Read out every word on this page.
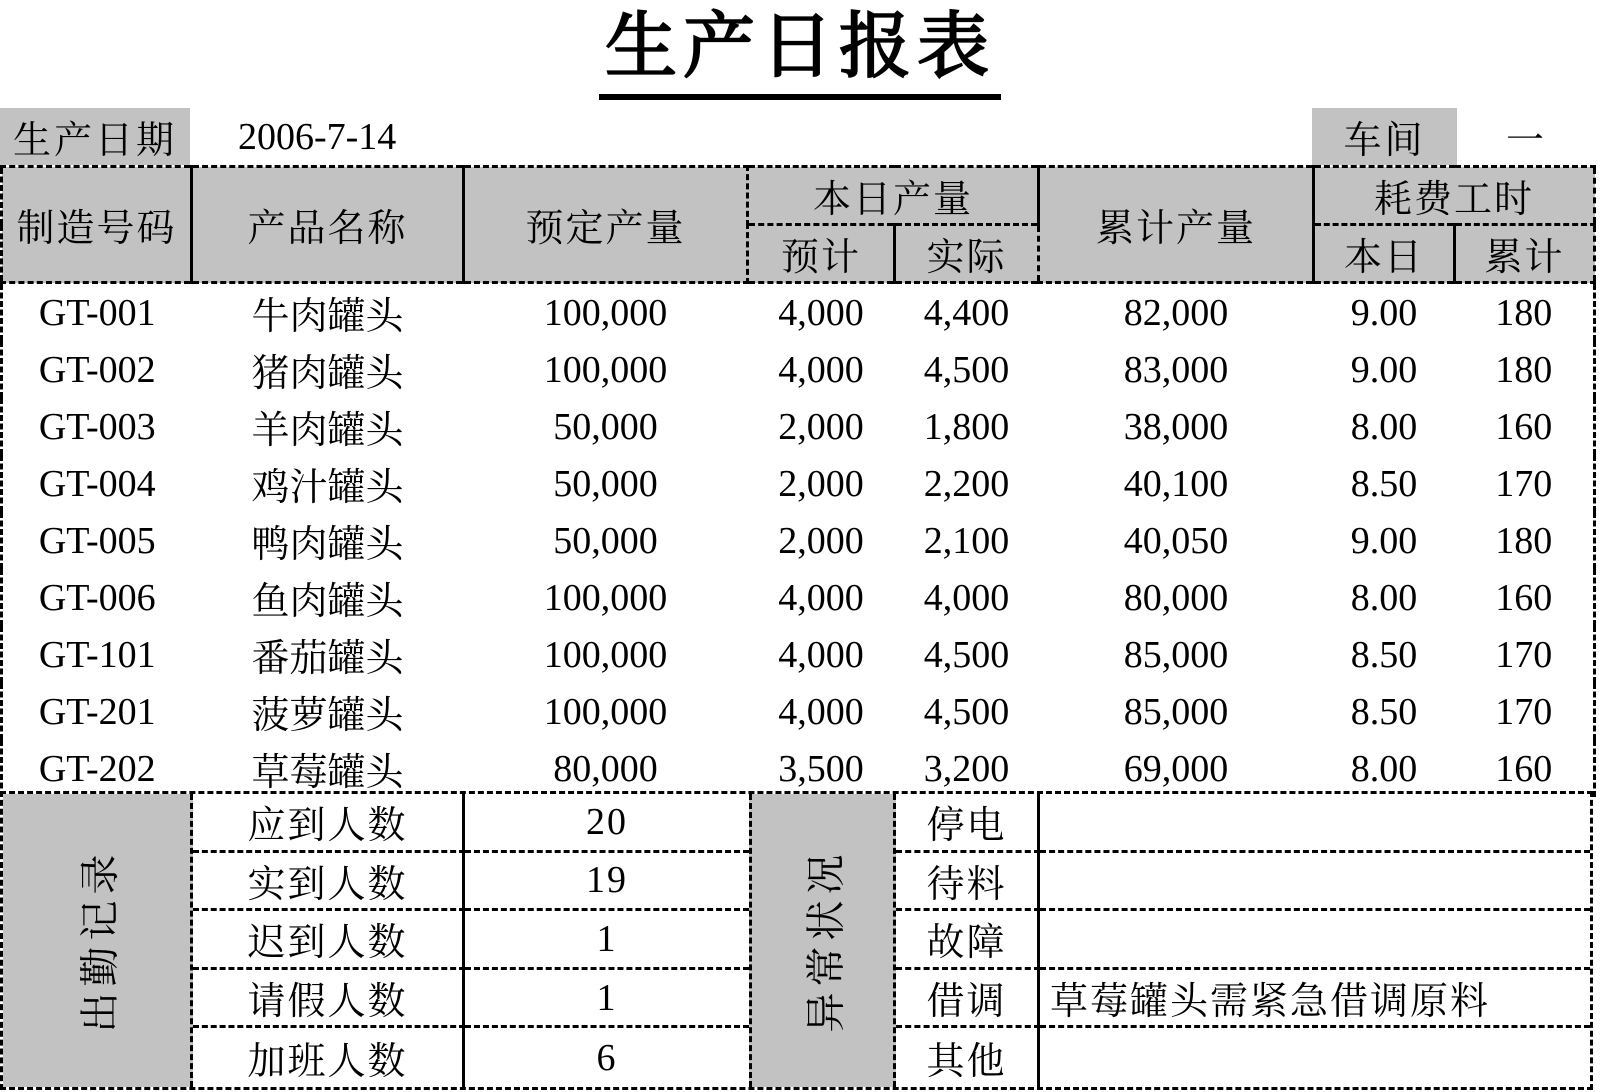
生产日报表
生产日期	2006-7-14	车间	一
制造号码	产品名称	预定产量	本日产量		累计产量	耗费工时	
			预计	实际		本日	累计
GT-001	牛肉罐头	100,000	4,000	4,400	82,000	9.00	180
GT-002	猪肉罐头	100,000	4,000	4,500	83,000	9.00	180
GT-003	羊肉罐头	50,000	2,000	1,800	38,000	8.00	160
GT-004	鸡汁罐头	50,000	2,000	2,200	40,100	8.50	170
GT-005	鸭肉罐头	50,000	2,000	2,100	40,050	9.00	180
GT-006	鱼肉罐头	100,000	4,000	4,000	80,000	8.00	160
GT-101	番茄罐头	100,000	4,000	4,500	85,000	8.50	170
GT-201	菠萝罐头	100,000	4,000	4,500	85,000	8.50	170
GT-202	草莓罐头	80,000	3,500	3,200	69,000	8.00	160
出勤记录	异常状况
应到人数	20	停电
实到人数	19	待料
迟到人数	1	故障
请假人数	1	借调	草莓罐头需紧急借调原料
加班人数	6	其他
